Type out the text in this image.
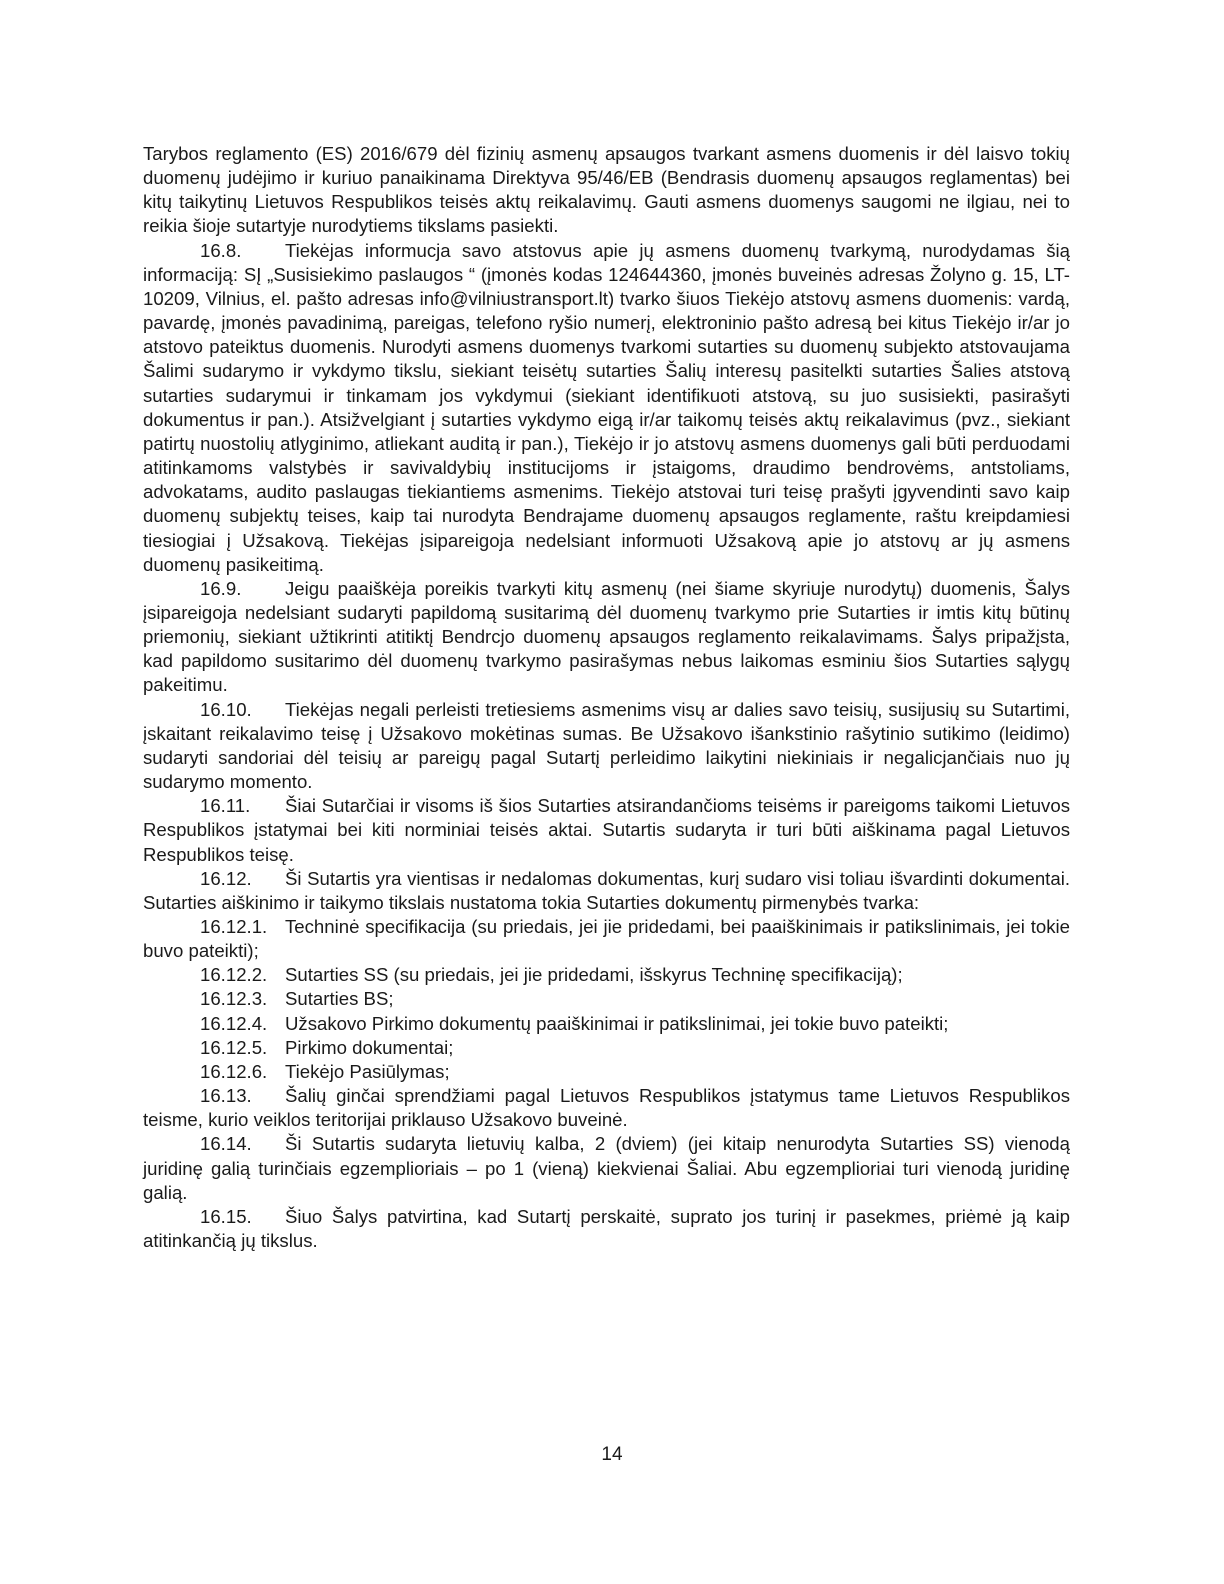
Tarybos reglamento (ES) 2016/679 dėl fizinių asmenų apsaugos tvarkant asmens duomenis ir dėl laisvo tokių duomenų judėjimo ir kuriuo panaikinama Direktyva 95/46/EB (Bendrasis duomenų apsaugos reglamentas) bei kitų taikytinų Lietuvos Respublikos teisės aktų reikalavimų. Gauti asmens duomenys saugomi ne ilgiau, nei to reikia šioje sutartyje nurodytiems tikslams pasiekti.

16.8. Tiekėjas informucja savo atstovus apie jų asmens duomenų tvarkymą, nurodydamas šią informaciją: SĮ „Susisiekimo paslaugos “ (įmonės kodas 124644360, įmonės buveinės adresas Žolyno g. 15, LT-10209, Vilnius, el. pašto adresas info@vilniustransport.lt) tvarko šiuos Tiekėjo atstovų asmens duomenis: vardą, pavardę, įmonės pavadinimą, pareigas, telefono ryšio numerį, elektroninio pašto adresą bei kitus Tiekėjo ir/ar jo atstovo pateiktus duomenis. Nurodyti asmens duomenys tvarkomi sutarties su duomenų subjekto atstovaujama Šalimi sudarymo ir vykdymo tikslu, siekiant teisėtų sutarties Šalių interesų pasitelkti sutarties Šalies atstovą sutarties sudarymui ir tinkamam jos vykdymui (siekiant identifikuoti atstovą, su juo susisiekti, pasirašyti dokumentus ir pan.). Atsižvelgiant į sutarties vykdymo eigą ir/ar taikomų teisės aktų reikalavimus (pvz., siekiant patirtų nuostolių atlyginimo, atliekant auditą ir pan.), Tiekėjo ir jo atstovų asmens duomenys gali būti perduodami atitinkamoms valstybės ir savivaldybių institucijoms ir įstaigoms, draudimo bendrovėms, antstoliams, advokatams, audito paslaugas tiekiantiems asmenims. Tiekėjo atstovai turi teisę prašyti įgyvendinti savo kaip duomenų subjektų teises, kaip tai nurodyta Bendrajame duomenų apsaugos reglamente, raštu kreipdamiesi tiesiogiai į Užsakovą. Tiekėjas įsipareigoja nedelsiant informuoti Užsakovą apie jo atstovų ar jų asmens duomenų pasikeitimą.

16.9. Jeigu paaiškėja poreikis tvarkyti kitų asmenų (nei šiame skyriuje nurodytų) duomenis, Šalys įsipareigoja nedelsiant sudaryti papildomą susitarimą dėl duomenų tvarkymo prie Sutarties ir imtis kitų būtinų priemonių, siekiant užtikrinti atitiktį Bendrcjo duomenų apsaugos reglamento reikalavimams. Šalys pripažįsta, kad papildomo susitarimo dėl duomenų tvarkymo pasirašymas nebus laikomas esminiu šios Sutarties sąlygų pakeitimu.

16.10. Tiekėjas negali perleisti tretiesiems asmenims visų ar dalies savo teisių, susijusių su Sutartimi, įskaitant reikalavimo teisę į Užsakovo mokėtinas sumas. Be Užsakovo išankstinio rašytinio sutikimo (leidimo) sudaryti sandoriai dėl teisių ar pareigų pagal Sutartį perleidimo laikytini niekiniais ir negalicjančiais nuo jų sudarymo momento.

16.11. Šiai Sutarčiai ir visoms iš šios Sutarties atsirandančioms teisėms ir pareigoms taikomi Lietuvos Respublikos įstatymai bei kiti norminiai teisės aktai. Sutartis sudaryta ir turi būti aiškinama pagal Lietuvos Respublikos teisę.

16.12. Ši Sutartis yra vientisas ir nedalomas dokumentas, kurį sudaro visi toliau išvardinti dokumentai. Sutarties aiškinimo ir taikymo tikslais nustatoma tokia Sutarties dokumentų pirmenybės tvarka:

16.12.1. Techninė specifikacija (su priedais, jei jie pridedami, bei paaiškinimais ir patikslinimais, jei tokie buvo pateikti);

16.12.2. Sutarties SS (su priedais, jei jie pridedami, išskyrus Techninę specifikaciją);

16.12.3. Sutarties BS;

16.12.4. Užsakovo Pirkimo dokumentų paaiškinimai ir patikslinimai, jei tokie buvo pateikti;

16.12.5. Pirkimo dokumentai;

16.12.6. Tiekėjo Pasiūlymas;

16.13. Šalių ginčai sprendžiami pagal Lietuvos Respublikos įstatymus tame Lietuvos Respublikos teisme, kurio veiklos teritorijai priklauso Užsakovo buveinė.

16.14. Ši Sutartis sudaryta lietuvių kalba, 2 (dviem) (jei kitaip nenurodyta Sutarties SS) vienodą juridinę galią turinčiais egzemplioriais – po 1 (vieną) kiekvienai Šaliai. Abu egzemplioriai turi vienodą juridinę galią.

16.15. Šiuo Šalys patvirtina, kad Sutartį perskaitė, suprato jos turinį ir pasekmes, priėmė ją kaip atitinkančią jų tikslus.

14
